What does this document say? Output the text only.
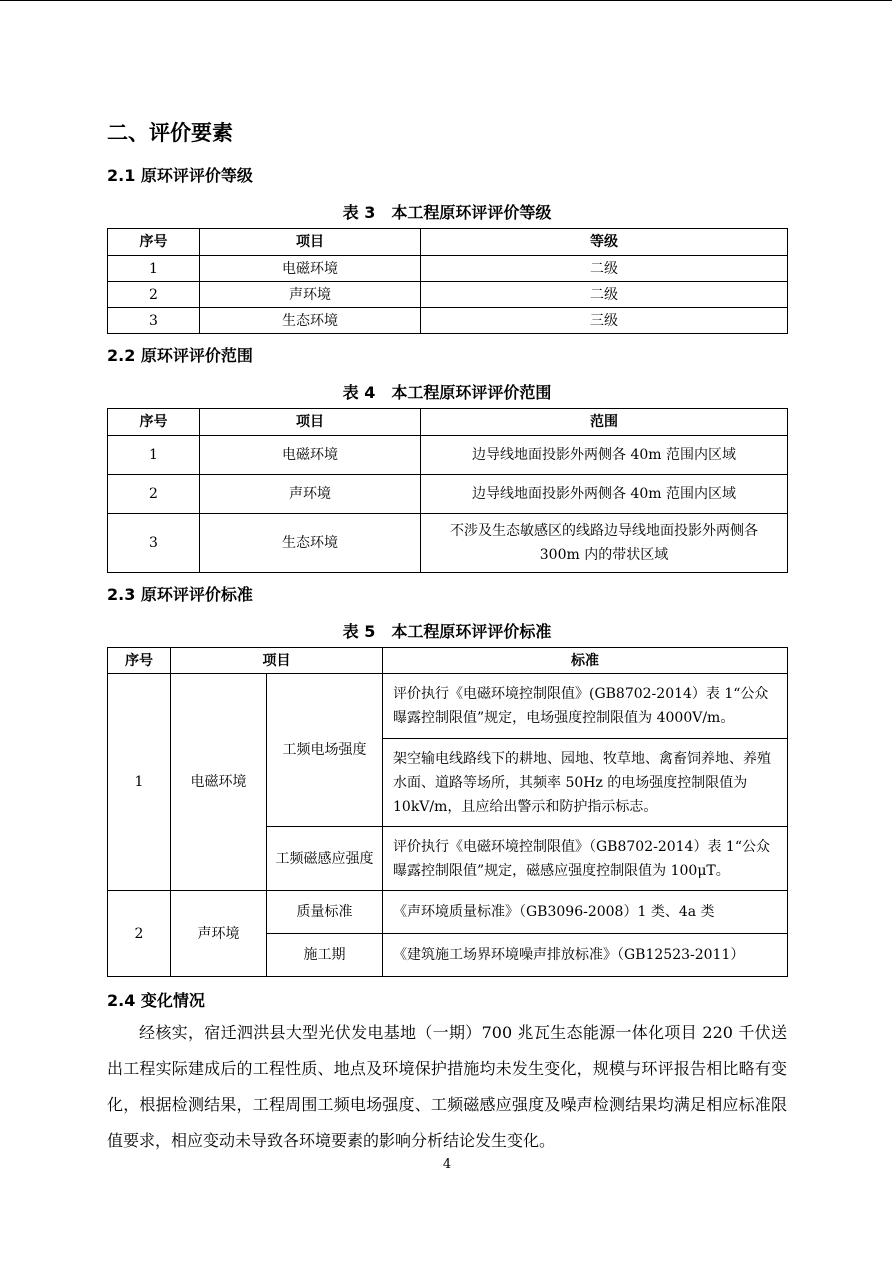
二、评价要素
2.1 原环评评价等级
表 3　本工程原环评评价等级
序号	项目	等级
1	电磁环境	二级
2	声环境	二级
3	生态环境	三级
2.2 原环评评价范围
表 4　本工程原环评评价范围
序号	项目	范围
1	电磁环境	边导线地面投影外两侧各 40m 范围内区域
2	声环境	边导线地面投影外两侧各 40m 范围内区域
3	生态环境	不涉及生态敏感区的线路边导线地面投影外两侧各 300m 内的带状区域
2.3 原环评评价标准
表 5　本工程原环评评价标准
序号	项目		标准
1	电磁环境	工频电场强度	评价执行《电磁环境控制限值》(GB8702-2014）表 1“公众曝露控制限值”规定，电场强度控制限值为 4000V/m。
			架空输电线路线下的耕地、园地、牧草地、禽畜饲养地、养殖水面、道路等场所，其频率 50Hz 的电场强度控制限值为 10kV/m，且应给出警示和防护指示标志。
		工频磁感应强度	评价执行《电磁环境控制限值》（GB8702-2014）表 1“公众曝露控制限值”规定，磁感应强度控制限值为 100μT。
2	声环境	质量标准	《声环境质量标准》（GB3096-2008）1 类、4a 类
		施工期	《建筑施工场界环境噪声排放标准》（GB12523-2011）
2.4 变化情况
经核实，宿迁泗洪县大型光伏发电基地（一期）700 兆瓦生态能源一体化项目 220 千伏送出工程实际建成后的工程性质、地点及环境保护措施均未发生变化，规模与环评报告相比略有变化，根据检测结果，工程周围工频电场强度、工频磁感应强度及噪声检测结果均满足相应标准限值要求，相应变动未导致各环境要素的影响分析结论发生变化。
4
